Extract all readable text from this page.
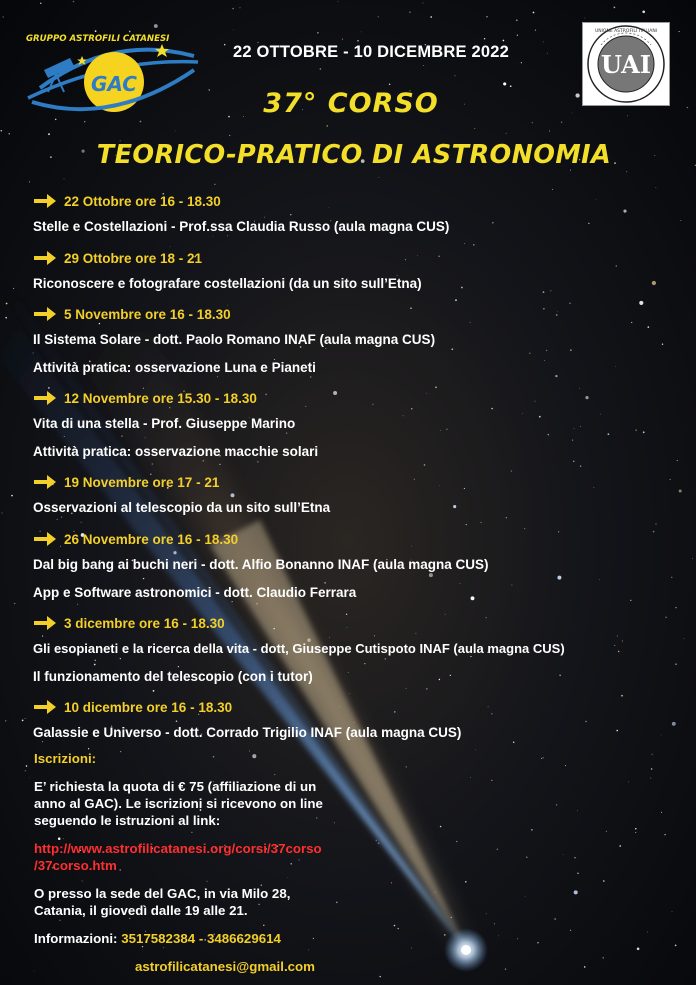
GRUPPO ASTROFILI CATANESI
GAC
22 OTTOBRE - 10 DICEMBRE 2022	UAI
UNIONE ASTROFILI ITALIANI
37° CORSO
TEORICO-PRATICO DI ASTRONOMIA
22 Ottobre ore 16 - 18.30
Stelle e Costellazioni - Prof.ssa Claudia Russo (aula magna CUS)
29 Ottobre ore 18 - 21
Riconoscere e fotografare costellazioni (da un sito sull’Etna)
5 Novembre ore 16 - 18.30
Il Sistema Solare - dott. Paolo Romano INAF (aula magna CUS)
Attività pratica: osservazione Luna e Pianeti
12 Novembre ore 15.30 - 18.30
Vita di una stella - Prof. Giuseppe Marino
Attività pratica: osservazione macchie solari
19 Novembre ore 17 - 21
Osservazioni al telescopio da un sito sull’Etna
26 Novembre ore 16 - 18.30
Dal big bang ai buchi neri - dott. Alfio Bonanno INAF (aula magna CUS)
App e Software astronomici - dott. Claudio Ferrara
3 dicembre ore 16 - 18.30
Gli esopianeti e la ricerca della vita - dott, Giuseppe Cutispoto INAF (aula magna CUS)
Il funzionamento del telescopio (con i tutor)
10 dicembre ore 16 - 18.30
Galassie e Universo - dott. Corrado Trigilio INAF (aula magna CUS)
Iscrizioni:
E’ richiesta la quota di € 75 (affiliazione di un
anno al GAC). Le iscrizioni si ricevono on line
seguendo le istruzioni al link:
http://www.astrofilicatanesi.org/corsi/37corso
/37corso.htm
O presso la sede del GAC, in via Milo 28,
Catania, il giovedì dalle 19 alle 21.
Informazioni: 3517582384 - 3486629614
astrofilicatanesi@gmail.com
